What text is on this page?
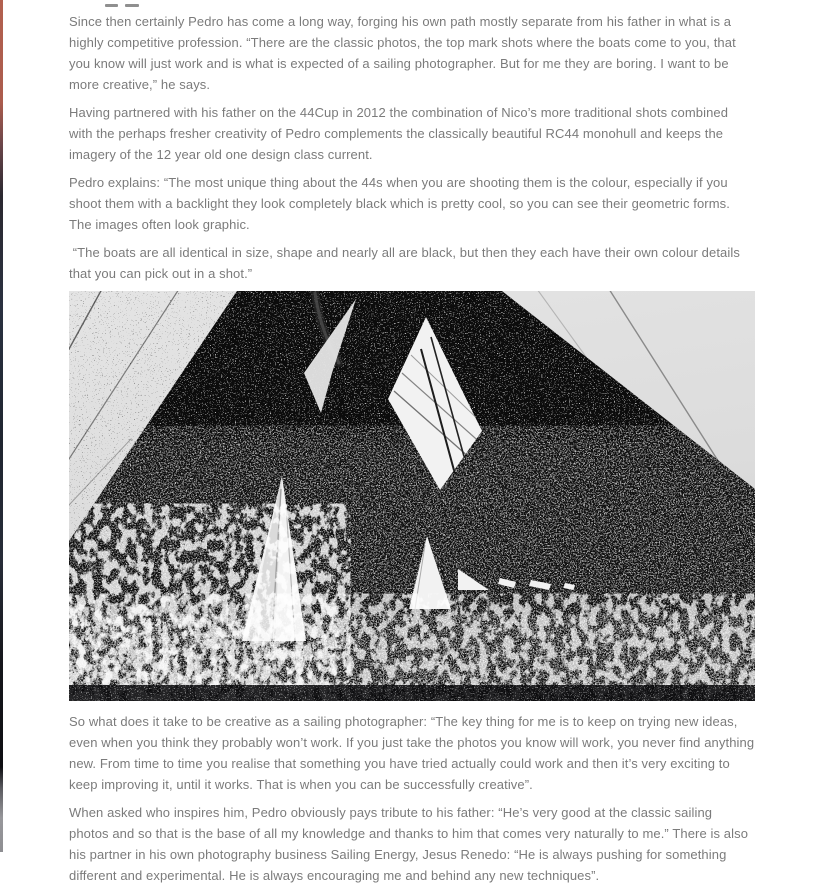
Since then certainly Pedro has come a long way, forging his own path mostly separate from his father in what is a highly competitive profession. “There are the classic photos, the top mark shots where the boats come to you, that you know will just work and is what is expected of a sailing photographer. But for me they are boring. I want to be more creative,” he says.

Having partnered with his father on the 44Cup in 2012 the combination of Nico’s more traditional shots combined with the perhaps fresher creativity of Pedro complements the classically beautiful RC44 monohull and keeps the imagery of the 12 year old one design class current.

Pedro explains: “The most unique thing about the 44s when you are shooting them is the colour, especially if you shoot them with a backlight they look completely black which is pretty cool, so you can see their geometric forms. The images often look graphic.

“The boats are all identical in size, shape and nearly all are black, but then they each have their own colour details that you can pick out in a shot.”

So what does it take to be creative as a sailing photographer: “The key thing for me is to keep on trying new ideas, even when you think they probably won’t work. If you just take the photos you know will work, you never find anything new. From time to time you realise that something you have tried actually could work and then it’s very exciting to keep improving it, until it works. That is when you can be successfully creative”.

When asked who inspires him, Pedro obviously pays tribute to his father: “He’s very good at the classic sailing photos and so that is the base of all my knowledge and thanks to him that comes very naturally to me.” There is also his partner in his own photography business Sailing Energy, Jesus Renedo: “He is always pushing for something different and experimental. He is always encouraging me and behind any new techniques”.
